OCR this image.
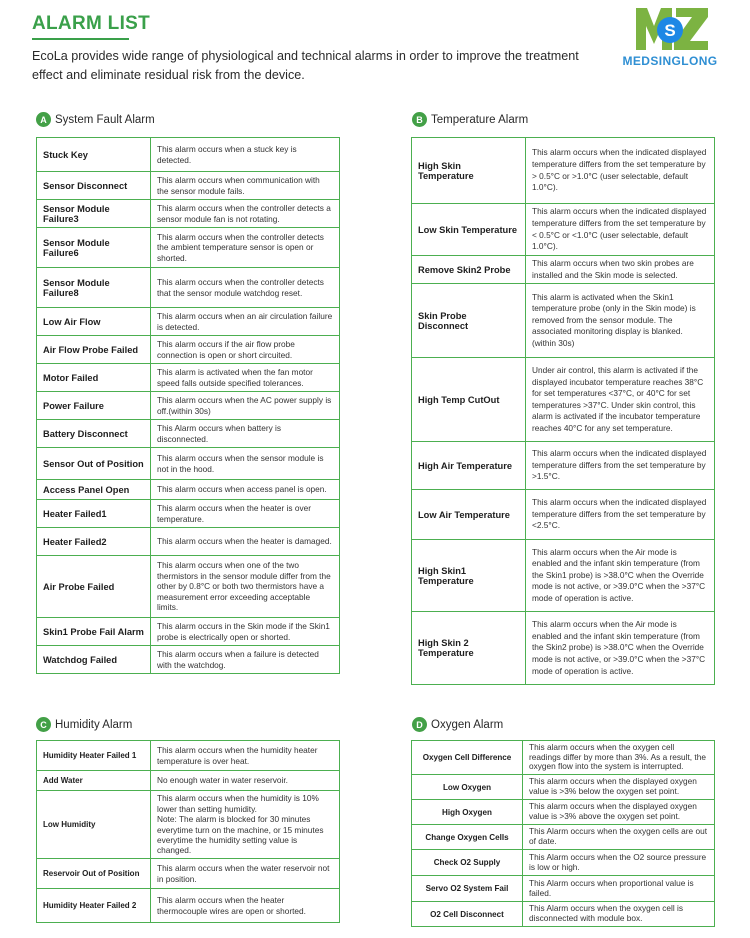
ALARM LIST
EcoLa provides wide range of physiological and technical alarms in order to improve the treatment effect and eliminate residual risk from the device.
S
MEDSINGLONG
A System Fault Alarm
Stuck Key	This alarm occurs when a stuck key is detected.
Sensor Disconnect	This alarm occurs when communication with the sensor module fails.
Sensor Module Failure3	This alarm occurs when the controller detects a sensor module fan is not rotating.
Sensor Module Failure6	This alarm occurs when the controller detects the ambient temperature sensor is open or shorted.
Sensor Module Failure8	This alarm occurs when the controller detects that the sensor module watchdog reset.
Low Air Flow	This alarm occurs when an air circulation failure is detected.
Air Flow Probe Failed	This alarm occurs if the air flow probe connection is open or short circuited.
Motor Failed	This alarm is activated when the fan motor speed falls outside specified tolerances.
Power Failure	This alarm occurs when the AC power supply is off.(within 30s)
Battery Disconnect	This Alarm occurs when battery is disconnected.
Sensor Out of Position	This alarm occurs when the sensor module is not in the hood.
Access Panel Open	This alarm occurs when access panel is open.
Heater Failed1	This alarm occurs when the heater is over temperature.
Heater Failed2	This alarm occurs when the heater is damaged.
Air Probe Failed	This alarm occurs when one of the two thermistors in the sensor module differ from the other by 0.8°C or both two thermistors have a measurement error exceeding acceptable limits.
Skin1 Probe Fail Alarm	This alarm occurs in the Skin mode if the Skin1 probe is electrically open or shorted.
Watchdog Failed	This alarm occurs when a failure is detected with the watchdog.
B Temperature Alarm
High Skin Temperature	This alarm occurs when the indicated displayed temperature differs from the set temperature by > 0.5°C or >1.0°C (user selectable, default 1.0°C).
Low Skin Temperature	This alarm occurs when the indicated displayed temperature differs from the set temperature by < 0.5°C or <1.0°C (user selectable, default 1.0°C).
Remove Skin2 Probe	This alarm occurs when two skin probes are installed and the Skin mode is selected.
Skin Probe Disconnect	This alarm is activated when the Skin1 temperature probe (only in the Skin mode) is removed from the sensor module. The associated monitoring display is blanked. (within 30s)
High Temp CutOut	Under air control, this alarm is activated if the displayed incubator temperature reaches 38°C for set temperatures <37°C, or 40°C for set temperatures >37°C. Under skin control, this alarm is activated if the incubator temperature reaches 40°C for any set temperature.
High Air Temperature	This alarm occurs when the indicated displayed temperature differs from the set temperature by >1.5°C.
Low Air Temperature	This alarm occurs when the indicated displayed temperature differs from the set temperature by <2.5°C.
High Skin1 Temperature	This alarm occurs when the Air mode is enabled and the infant skin temperature (from the Skin1 probe) is >38.0°C when the Override mode is not active, or >39.0°C when the >37°C mode of operation is active.
High Skin 2 Temperature	This alarm occurs when the Air mode is enabled and the infant skin temperature (from the Skin2 probe) is >38.0°C when the Override mode is not active, or >39.0°C when the >37°C mode of operation is active.
C Humidity Alarm
Humidity Heater Failed 1	This alarm occurs when the humidity heater temperature is over heat.
Add Water	No enough water in water reservoir.
Low Humidity	This alarm occurs when the humidity is 10% lower than setting humidity.
Note: The alarm is blocked for 30 minutes everytime turn on the machine, or 15 minutes everytime the humidity setting value is changed.
Reservoir Out of Position	This alarm occurs when the water reservoir not in position.
Humidity Heater Failed 2	This alarm occurs when the heater thermocouple wires are open or shorted.
D Oxygen Alarm
Oxygen Cell Difference	This alarm occurs when the oxygen cell readings differ by more than 3%. As a result, the oxygen flow into the system is interrupted.
Low Oxygen	This alarm occurs when the displayed oxygen value is >3% below the oxygen set point.
High Oxygen	This alarm occurs when the displayed oxygen value is >3% above the oxygen set point.
Change Oxygen Cells	This Alarm occurs when the oxygen cells are out of date.
Check O2 Supply	This Alarm occurs when the O2 source pressure is low or high.
Servo O2 System Fail	This Alarm occurs when proportional value is failed.
O2 Cell Disconnect	This Alarm occurs when the oxygen cell is disconnected with module box.
